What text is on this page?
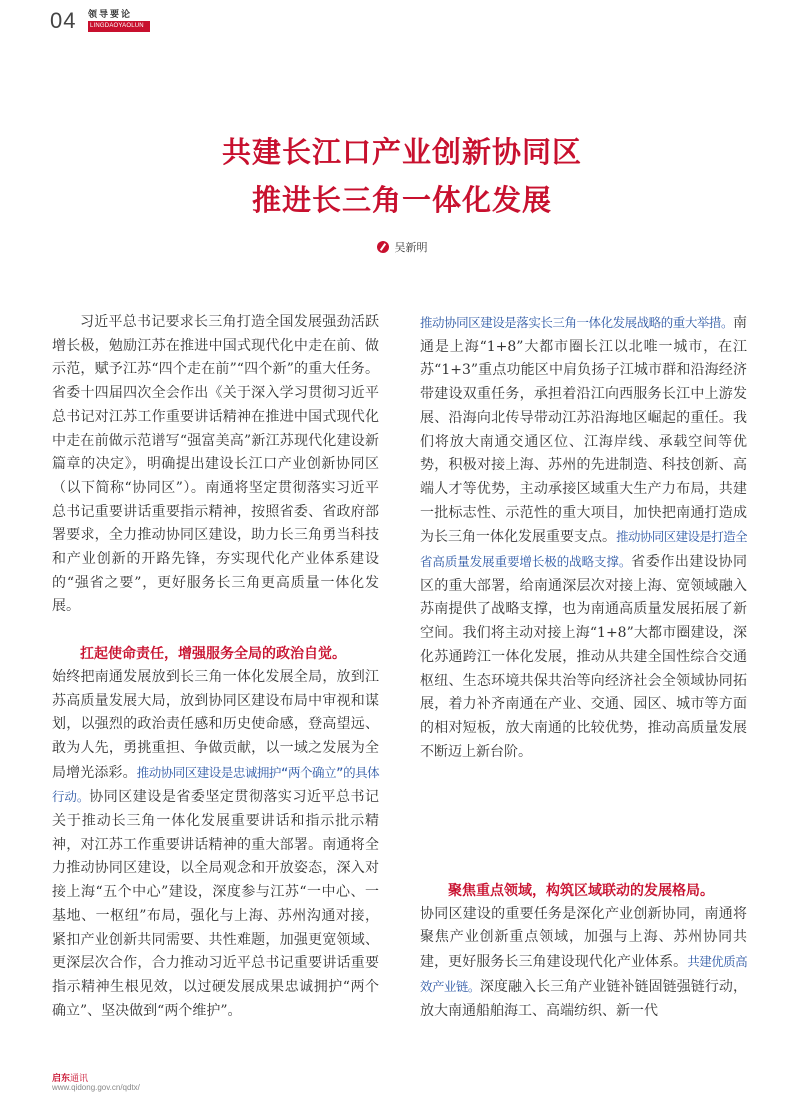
04 领导要论
LINGDAOYAOLUN
共建长江口产业创新协同区
推进长三角一体化发展
吴新明

习近平总书记要求长三角打造全国发展强劲活跃增长极，勉励江苏在推进中国式现代化中走在前、做示范，赋予江苏“四个走在前”“四个新”的重大任务。省委十四届四次全会作出《关于深入学习贯彻习近平总书记对江苏工作重要讲话精神在推进中国式现代化中走在前做示范谱写“强富美高”新江苏现代化建设新篇章的决定》，明确提出建设长江口产业创新协同区（以下简称“协同区”）。南通将坚定贯彻落实习近平总书记重要讲话重要指示精神，按照省委、省政府部署要求，全力推动协同区建设，助力长三角勇当科技和产业创新的开路先锋，夯实现代化产业体系建设的“强省之要”，更好服务长三角更高质量一体化发展。

扛起使命责任，增强服务全局的政治自觉。

始终把南通发展放到长三角一体化发展全局，放到江苏高质量发展大局，放到协同区建设布局中审视和谋划，以强烈的政治责任感和历史使命感，登高望远、敢为人先，勇挑重担、争做贡献，以一域之发展为全局增光添彩。推动协同区建设是忠诚拥护“两个确立”的具体行动。协同区建设是省委坚定贯彻落实习近平总书记关于推动长三角一体化发展重要讲话和指示批示精神，对江苏工作重要讲话精神的重大部署。南通将全力推动协同区建设，以全局观念和开放姿态，深入对接上海“五个中心”建设，深度参与江苏“一中心、一基地、一枢纽”布局，强化与上海、苏州沟通对接，紧扣产业创新共同需要、共性难题，加强更宽领域、更深层次合作，合力推动习近平总书记重要讲话重要指示精神生根见效，以过硬发展成果忠诚拥护“两个确立”、坚决做到“两个维护”。

推动协同区建设是落实长三角一体化发展战略的重大举措。南通是上海“1+8”大都市圈长江以北唯一城市，在江苏“1+3”重点功能区中肩负扬子江城市群和沿海经济带建设双重任务，承担着沿江向西服务长江中上游发展、沿海向北传导带动江苏沿海地区崛起的重任。我们将放大南通交通区位、江海岸线、承载空间等优势，积极对接上海、苏州的先进制造、科技创新、高端人才等优势，主动承接区域重大生产力布局，共建一批标志性、示范性的重大项目，加快把南通打造成为长三角一体化发展重要支点。推动协同区建设是打造全省高质量发展重要增长极的战略支撑。省委作出建设协同区的重大部署，给南通深层次对接上海、宽领域融入苏南提供了战略支撑，也为南通高质量发展拓展了新空间。我们将主动对接上海“1+8”大都市圈建设，深化苏通跨江一体化发展，推动从共建全国性综合交通枢纽、生态环境共保共治等向经济社会全领域协同拓展，着力补齐南通在产业、交通、园区、城市等方面的相对短板，放大南通的比较优势，推动高质量发展不断迈上新台阶。

聚焦重点领域，构筑区域联动的发展格局。

协同区建设的重要任务是深化产业创新协同，南通将聚焦产业创新重点领域，加强与上海、苏州协同共建，更好服务长三角建设现代化产业体系。共建优质高效产业链。深度融入长三角产业链补链固链强链行动，放大南通船舶海工、高端纺织、新一代

启东通讯
www.qidong.gov.cn/qdtx/
